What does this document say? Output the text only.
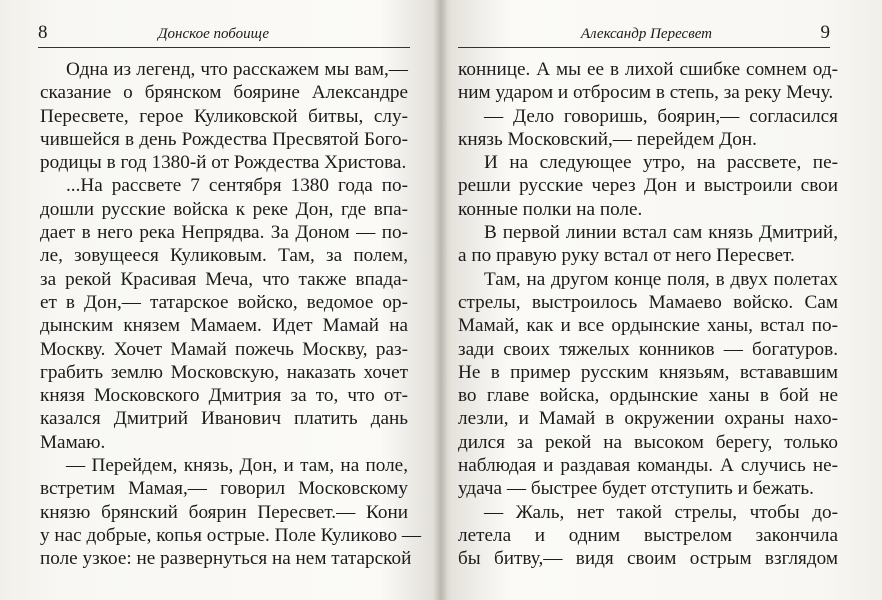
8	Донское побоище
Одна из легенд, что расскажем мы вам,—
сказание о брянском боярине Александре
Пересвете, герое Куликовской битвы, слу-
чившейся в день Рождества Пресвятой Бого-
родицы в год 1380-й от Рождества Христова.
...На рассвете 7 сентября 1380 года по-
дошли русские войска к реке Дон, где впа-
дает в него река Непрядва. За Доном — по-
ле, зовущееся Куликовым. Там, за полем,
за рекой Красивая Меча, что также впада-
ет в Дон,— татарское войско, ведомое ор-
дынским князем Мамаем. Идет Мамай на
Москву. Хочет Мамай пожечь Москву, раз-
грабить землю Московскую, наказать хочет
князя Московского Дмитрия за то, что от-
казался Дмитрий Иванович платить дань
Мамаю.
— Перейдем, князь, Дон, и там, на поле,
встретим Мамая,— говорил Московскому
князю брянский боярин Пересвет.— Кони
у нас добрые, копья острые. Поле Куликово —
поле узкое: не развернуться на нем татарской
Александр Пересвет	9
коннице. А мы ее в лихой сшибке сомнем од-
ним ударом и отбросим в степь, за реку Мечу.
— Дело говоришь, боярин,— согласился
князь Московский,— перейдем Дон.
И на следующее утро, на рассвете, пе-
решли русские через Дон и выстроили свои
конные полки на поле.
В первой линии встал сам князь Дмитрий,
а по правую руку встал от него Пересвет.
Там, на другом конце поля, в двух полетах
стрелы, выстроилось Мамаево войско. Сам
Мамай, как и все ордынские ханы, встал по-
зади своих тяжелых конников — богатуров.
Не в пример русским князьям, встававшим
во главе войска, ордынские ханы в бой не
лезли, и Мамай в окружении охраны нахо-
дился за рекой на высоком берегу, только
наблюдая и раздавая команды. А случись не-
удача — быстрее будет отступить и бежать.
— Жаль, нет такой стрелы, чтобы до-
летела и одним выстрелом закончила
бы битву,— видя своим острым взглядом
